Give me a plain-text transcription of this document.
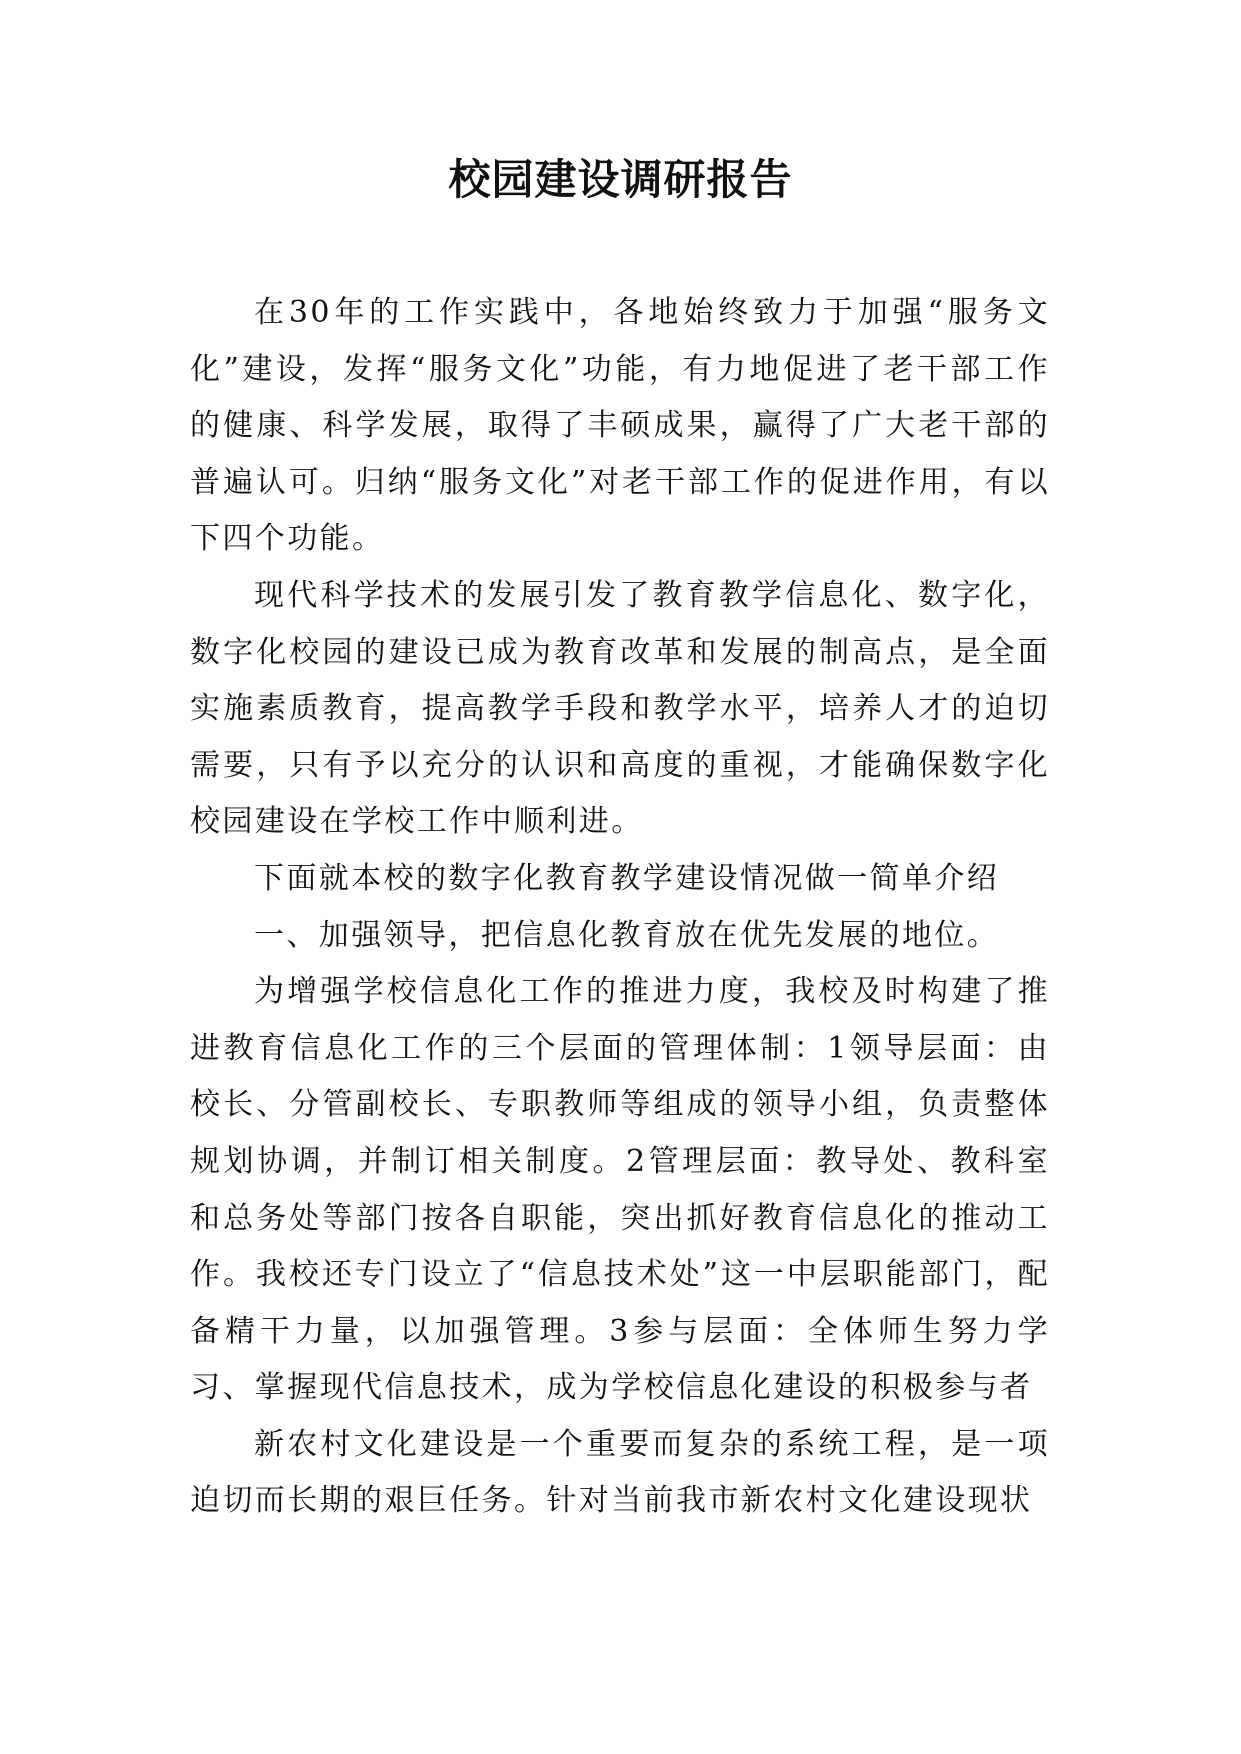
校园建设调研报告

在30年的工作实践中，各地始终致力于加强“服务文化”建设，发挥“服务文化”功能，有力地促进了老干部工作的健康、科学发展，取得了丰硕成果，赢得了广大老干部的普遍认可。归纳“服务文化”对老干部工作的促进作用，有以下四个功能。

现代科学技术的发展引发了教育教学信息化、数字化，数字化校园的建设已成为教育改革和发展的制高点，是全面实施素质教育，提高教学手段和教学水平，培养人才的迫切需要，只有予以充分的认识和高度的重视，才能确保数字化校园建设在学校工作中顺利进。

下面就本校的数字化教育教学建设情况做一简单介绍

一、加强领导，把信息化教育放在优先发展的地位。

为增强学校信息化工作的推进力度，我校及时构建了推进教育信息化工作的三个层面的管理体制：1领导层面：由校长、分管副校长、专职教师等组成的领导小组，负责整体规划协调，并制订相关制度。2管理层面：教导处、教科室和总务处等部门按各自职能，突出抓好教育信息化的推动工作。我校还专门设立了“信息技术处”这一中层职能部门，配备精干力量，以加强管理。3参与层面：全体师生努力学习、掌握现代信息技术，成为学校信息化建设的积极参与者

新农村文化建设是一个重要而复杂的系统工程，是一项迫切而长期的艰巨任务。针对当前我市新农村文化建设现状
